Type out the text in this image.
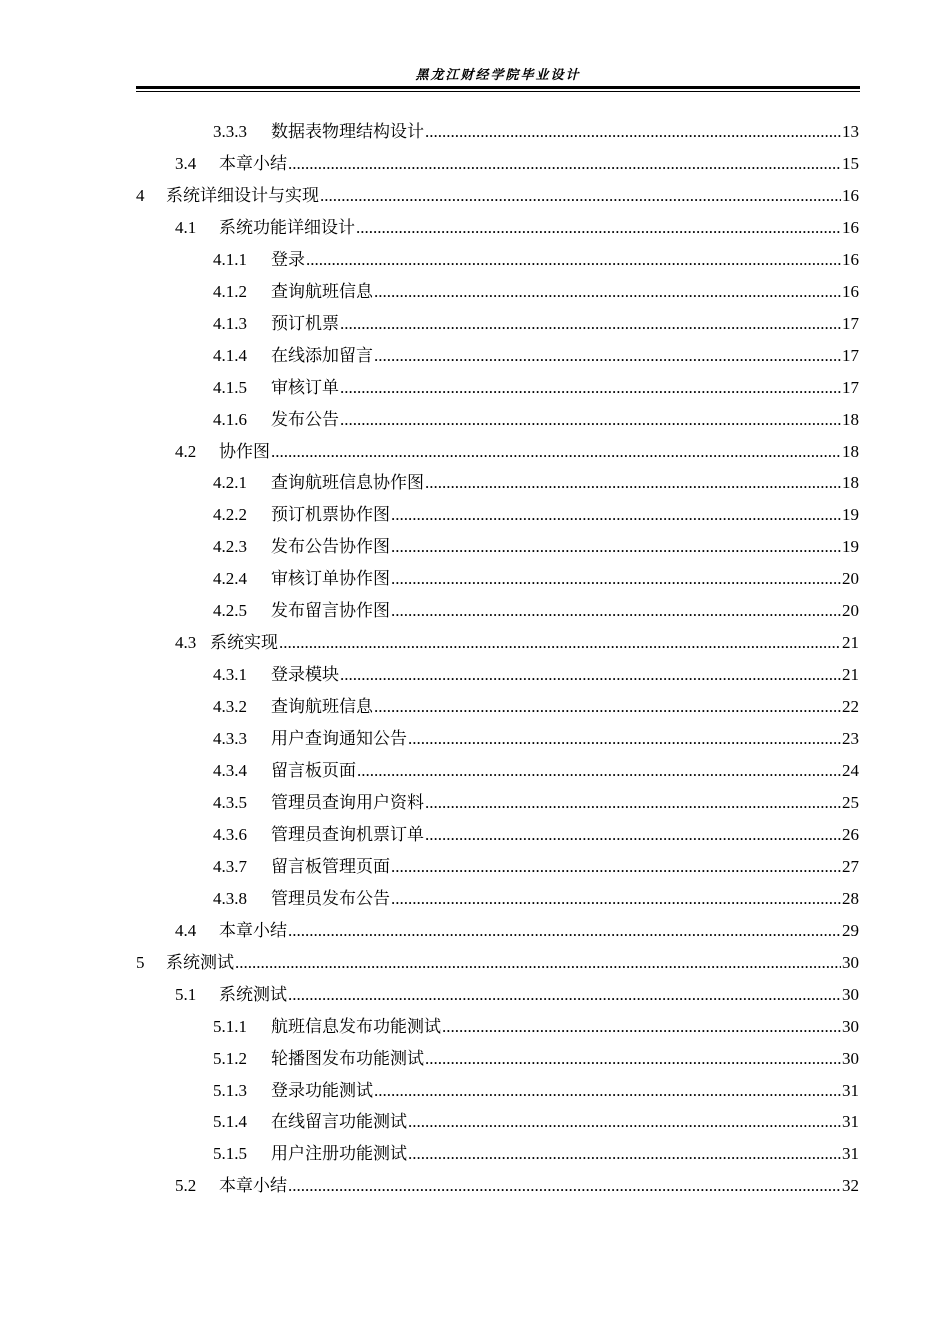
黑龙江财经学院毕业设计
3.3.3	数据表物理结构设计 .....	13
3.4	本章小结 .....	15
4	系统详细设计与实现 .....	16
4.1	系统功能详细设计 .....	16
4.1.1	登录 .....	16
4.1.2	查询航班信息 .....	16
4.1.3	预订机票 .....	17
4.1.4	在线添加留言 .....	17
4.1.5	审核订单 .....	17
4.1.6	发布公告 .....	18
4.2	协作图 .....	18
4.2.1	查询航班信息协作图 .....	18
4.2.2	预订机票协作图 .....	19
4.2.3	发布公告协作图 .....	19
4.2.4	审核订单协作图 .....	20
4.2.5	发布留言协作图 .....	20
4.3 系统实现 .....	21
4.3.1	登录模块 .....	21
4.3.2	查询航班信息 .....	22
4.3.3	用户查询通知公告 .....	23
4.3.4	留言板页面 .....	24
4.3.5	管理员查询用户资料 .....	25
4.3.6	管理员查询机票订单 .....	26
4.3.7	留言板管理页面 .....	27
4.3.8	管理员发布公告 .....	28
4.4	本章小结 .....	29
5	系统测试 .....	30
5.1	系统测试 .....	30
5.1.1	航班信息发布功能测试 .....	30
5.1.2	轮播图发布功能测试 .....	30
5.1.3	登录功能测试 .....	31
5.1.4	在线留言功能测试 .....	31
5.1.5	用户注册功能测试 .....	31
5.2	本章小结 .....	32
